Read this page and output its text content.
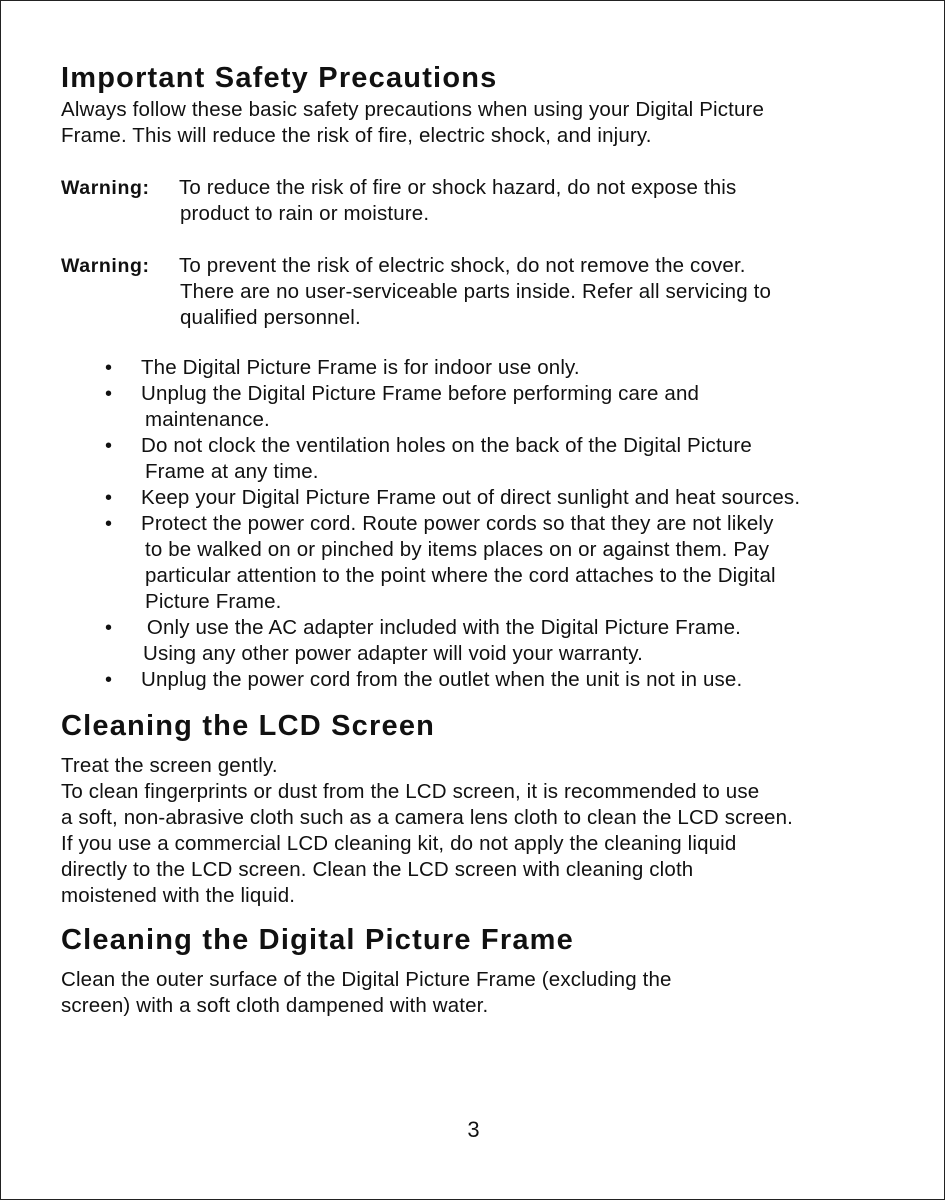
Important Safety Precautions

Always follow these basic safety precautions when using your Digital Picture

Frame. This will reduce the risk of fire, electric shock, and injury.

Warning:	To reduce the risk of fire or shock hazard, do not expose this
product to rain or moisture.
Warning:	To prevent the risk of electric shock, do not remove the cover.
There are no user-serviceable parts inside. Refer all servicing to
qualified personnel.
• The Digital Picture Frame is for indoor use only.

• Unplug the Digital Picture Frame before performing care and

maintenance.

• Do not clock the ventilation holes on the back of the Digital Picture

Frame at any time.

• Keep your Digital Picture Frame out of direct sunlight and heat sources.

• Protect the power cord. Route power cords so that they are not likely

to be walked on or pinched by items places on or against them. Pay

particular attention to the point where the cord attaches to the Digital

Picture Frame.

• Only use the AC adapter included with the Digital Picture Frame.

Using any other power adapter will void your warranty.

• Unplug the power cord from the outlet when the unit is not in use.

Cleaning the LCD Screen

Treat the screen gently.

To clean fingerprints or dust from the LCD screen, it is recommended to use

a soft, non-abrasive cloth such as a camera lens cloth to clean the LCD screen.

If you use a commercial LCD cleaning kit, do not apply the cleaning liquid

directly to the LCD screen. Clean the LCD screen with cleaning cloth

moistened with the liquid.

Cleaning the Digital Picture Frame

Clean the outer surface of the Digital Picture Frame (excluding the

screen) with a soft cloth dampened with water.

3
